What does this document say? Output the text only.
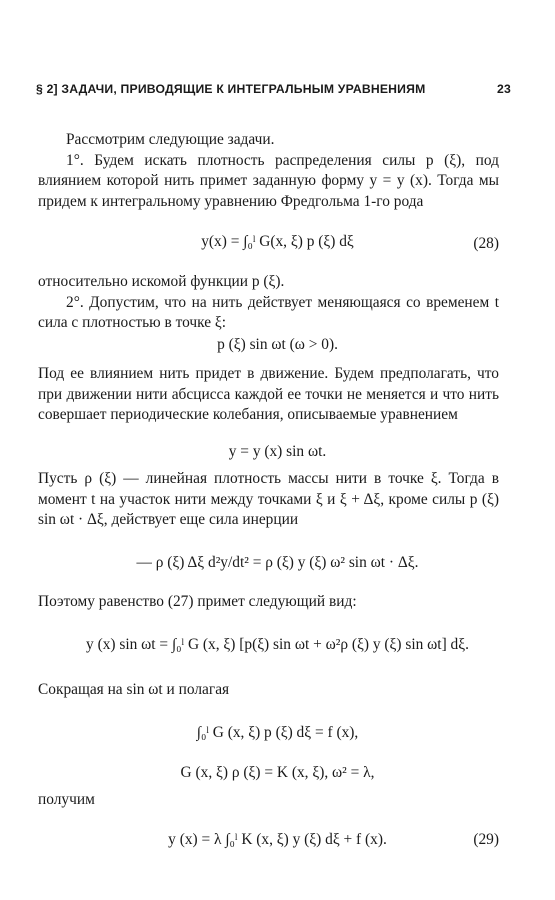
§ 2] ЗАДАЧИ, ПРИВОДЯЩИЕ К ИНТЕГРАЛЬНЫМ УРАВНЕНИЯМ	23

Рассмотрим следующие задачи.

1°. Будем искать плотность распределения силы p (ξ), под влиянием которой нить примет заданную форму y = y (x). Тогда мы придем к интегральному уравнению Фредгольма 1-го рода

y(x) = ∫₀ˡ G(x, ξ) p (ξ) dξ	(28)

относительно искомой функции p (ξ).

2°. Допустим, что на нить действует меняющаяся со временем t сила с плотностью в точке ξ:

p (ξ) sin ωt (ω > 0).

Под ее влиянием нить придет в движение. Будем предполагать, что при движении нити абсцисса каждой ее точки не меняется и что нить совершает периодические колебания, описываемые уравнением

y = y (x) sin ωt.

Пусть ρ (ξ) — линейная плотность массы нити в точке ξ. Тогда в момент t на участок нити между точками ξ и ξ + Δξ, кроме силы p (ξ) sin ωt · Δξ, действует еще сила инерции

— ρ (ξ) Δξ d²y/dt² = ρ (ξ) y (ξ) ω² sin ωt · Δξ.

Поэтому равенство (27) примет следующий вид:

y (x) sin ωt = ∫₀ˡ G (x, ξ) [p(ξ) sin ωt + ω²ρ (ξ) y (ξ) sin ωt] dξ.

Сокращая на sin ωt и полагая

∫₀ˡ G (x, ξ) p (ξ) dξ = f (x),
G (x, ξ) ρ (ξ) = K (x, ξ), ω² = λ,

получим

y (x) = λ ∫₀ˡ K (x, ξ) y (ξ) dξ + f (x).	(29)
